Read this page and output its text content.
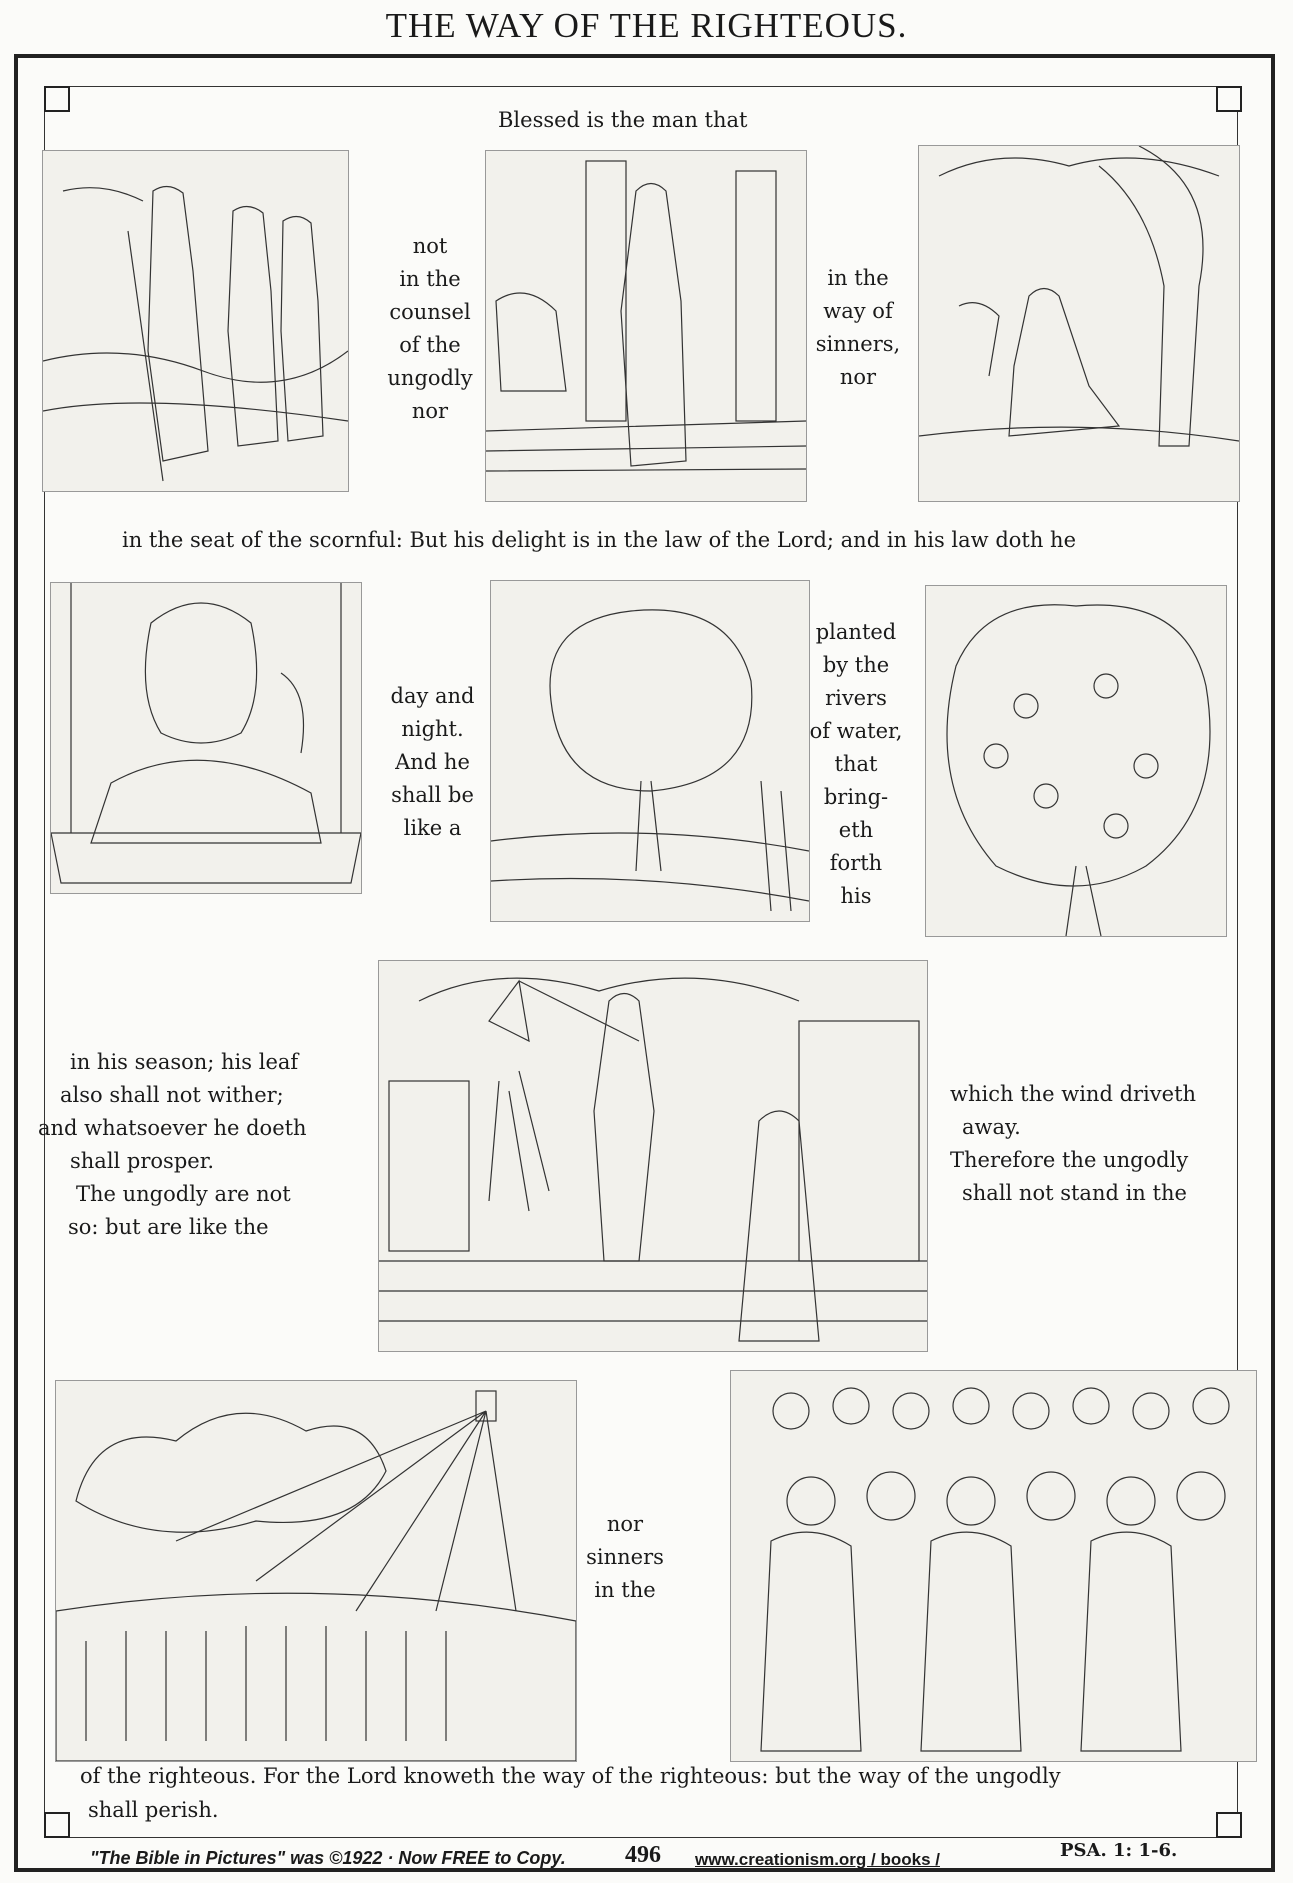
THE WAY OF THE RIGHTEOUS.
Blessed is the man that
not
in the
counsel
of the
ungodly
nor
in the
way of
sinners,
nor
in the seat of the scornful: But his delight is in the law of the Lord; and in his law doth he
day and
night.
And he
shall be
like a
planted
by the
rivers
of water,
that
bring-
eth
forth
his
in his season; his leaf
also shall not wither;
and whatsoever he doeth
shall prosper.
The ungodly are not
so: but are like the
which the wind driveth
away.
Therefore the ungodly
shall not stand in the
nor
sinners
in the
of the righteous. For the Lord knoweth the way of the righteous: but the way of the ungodly
shall perish.
"The Bible in Pictures" was ©1922 · Now FREE to Copy. 496 www.creationism.org / books /	PSA. 1: 1-6.
